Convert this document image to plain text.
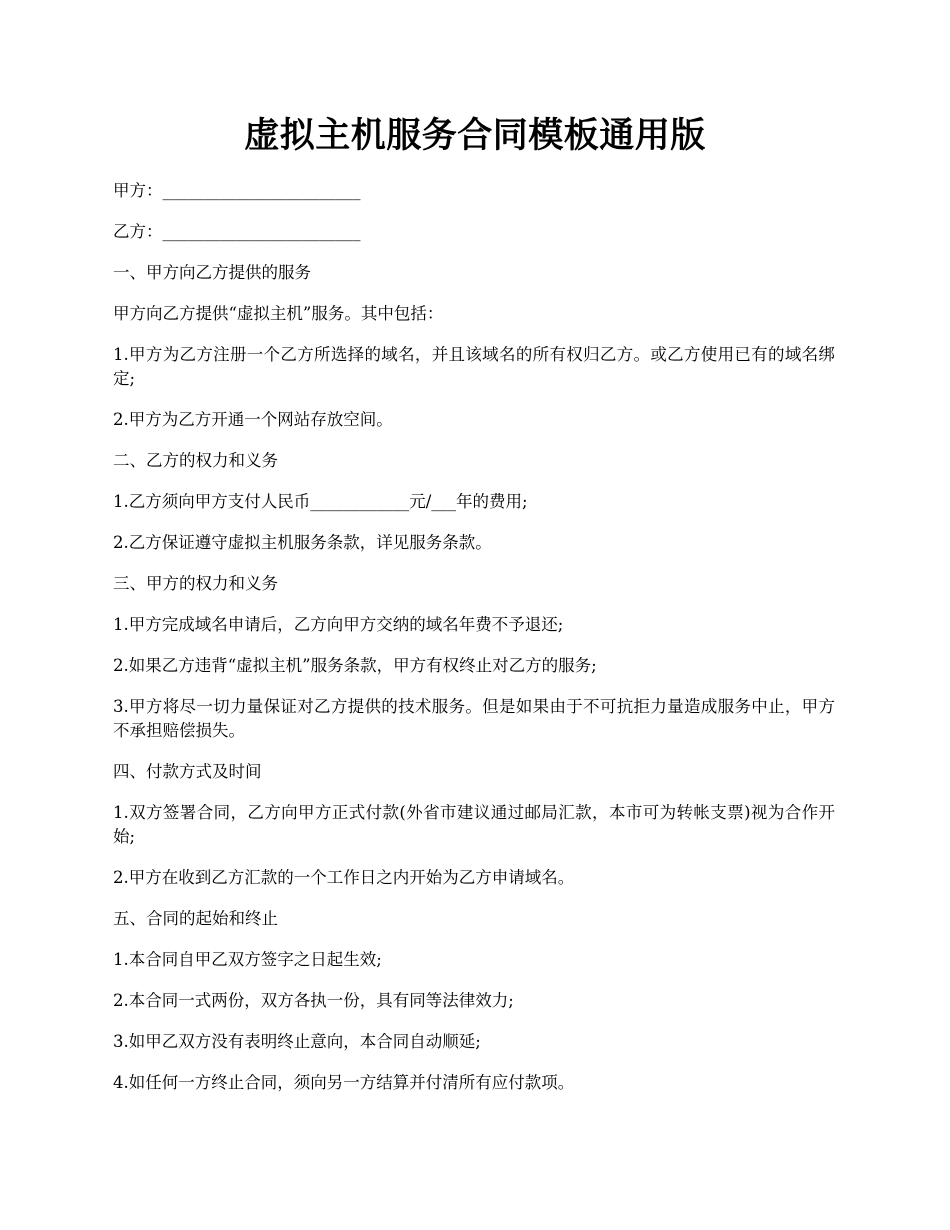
虚拟主机服务合同模板通用版

甲方：________________________

乙方：________________________

一、甲方向乙方提供的服务

甲方向乙方提供“虚拟主机”服务。其中包括：

1.甲方为乙方注册一个乙方所选择的域名，并且该域名的所有权归乙方。或乙方使用已有的域名绑定;

2.甲方为乙方开通一个网站存放空间。

二、乙方的权力和义务

1.乙方须向甲方支付人民币____________元/___年的费用;

2.乙方保证遵守虚拟主机服务条款，详见服务条款。

三、甲方的权力和义务

1.甲方完成域名申请后，乙方向甲方交纳的域名年费不予退还;

2.如果乙方违背“虚拟主机”服务条款，甲方有权终止对乙方的服务;

3.甲方将尽一切力量保证对乙方提供的技术服务。但是如果由于不可抗拒力量造成服务中止，甲方不承担赔偿损失。

四、付款方式及时间

1.双方签署合同，乙方向甲方正式付款(外省市建议通过邮局汇款，本市可为转帐支票)视为合作开始;

2.甲方在收到乙方汇款的一个工作日之内开始为乙方申请域名。

五、合同的起始和终止

1.本合同自甲乙双方签字之日起生效;

2.本合同一式两份，双方各执一份，具有同等法律效力;

3.如甲乙双方没有表明终止意向，本合同自动顺延;

4.如任何一方终止合同，须向另一方结算并付清所有应付款项。
